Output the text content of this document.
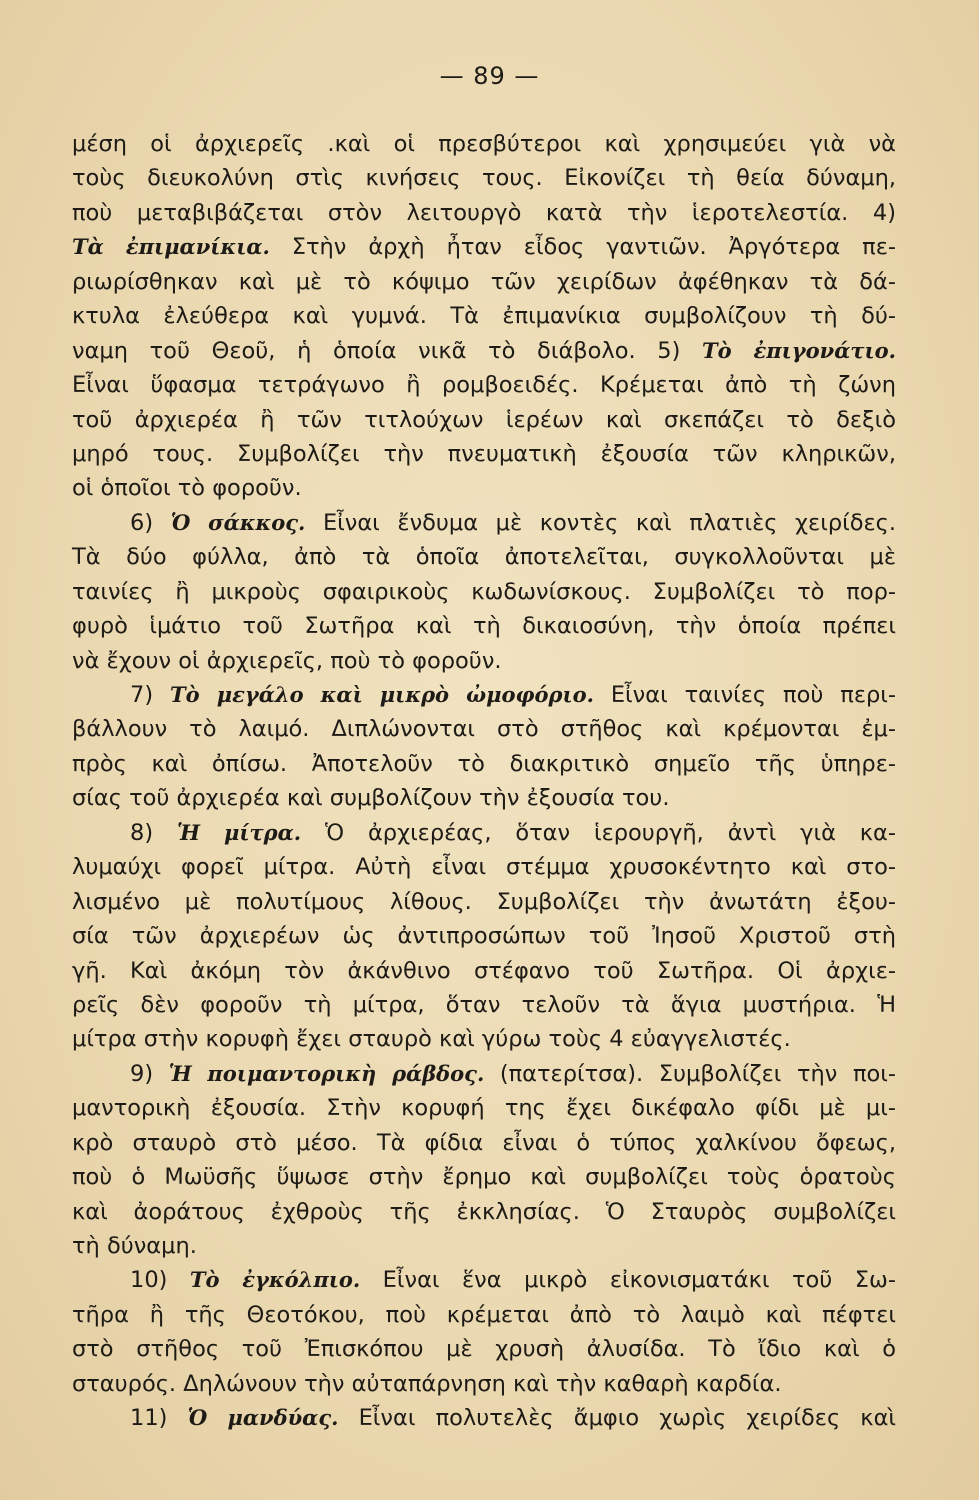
— 89 —
μέση οἱ ἀρχιερεῖς .καὶ οἱ πρεσβύτεροι καὶ χρησιμεύει γιὰ νὰ
τοὺς διευκολύνη στὶς κινήσεις τους. Εἰκονίζει τὴ θεία δύναμη,
ποὺ μεταβιβάζεται στὸν λειτουργὸ κατὰ τὴν ἱεροτελεστία. 4)
Τὰ ἐπιμανίκια. Στὴν ἀρχὴ ἦταν εἶδος γαντιῶν. Ἀργότερα πε-
ριωρίσθηκαν καὶ μὲ τὸ κόψιμο τῶν χειρίδων ἀφέθηκαν τὰ δά-
κτυλα ἐλεύθερα καὶ γυμνά. Τὰ ἐπιμανίκια συμβολίζουν τὴ δύ-
ναμη τοῦ Θεοῦ, ἡ ὁποία νικᾶ τὸ διάβολο. 5) Τὸ ἐπιγονάτιο.
Εἶναι ὕφασμα τετράγωνο ἢ ρομβοειδές. Κρέμεται ἀπὸ τὴ ζώνη
τοῦ ἀρχιερέα ἢ τῶν τιτλούχων ἱερέων καὶ σκεπάζει τὸ δεξιὸ
μηρό τους. Συμβολίζει τὴν πνευματικὴ ἐξουσία τῶν κληρικῶν,
οἱ ὁποῖοι τὸ φοροῦν.
6) Ὁ σάκκος. Εἶναι ἔνδυμα μὲ κοντὲς καὶ πλατιὲς χειρίδες.
Τὰ δύο φύλλα, ἀπὸ τὰ ὁποῖα ἀποτελεῖται, συγκολλοῦνται μὲ
ταινίες ἢ μικροὺς σφαιρικοὺς κωδωνίσκους. Συμβολίζει τὸ πορ-
φυρὸ ἱμάτιο τοῦ Σωτῆρα καὶ τὴ δικαιοσύνη, τὴν ὁποία πρέπει
νὰ ἔχουν οἱ ἀρχιερεῖς, ποὺ τὸ φοροῦν.
7) Τὸ μεγάλο καὶ μικρὸ ὠμοφόριο. Εἶναι ταινίες ποὺ περι-
βάλλουν τὸ λαιμό. Διπλώνονται στὸ στῆθος καὶ κρέμονται ἐμ-
πρὸς καὶ ὀπίσω. Ἀποτελοῦν τὸ διακριτικὸ σημεῖο τῆς ὑπηρε-
σίας τοῦ ἀρχιερέα καὶ συμβολίζουν τὴν ἐξουσία του.
8) Ἡ μίτρα. Ὁ ἀρχιερέας, ὅταν ἱερουργῆ, ἀντὶ γιὰ κα-
λυμαύχι φορεῖ μίτρα. Αὐτὴ εἶναι στέμμα χρυσοκέντητο καὶ στο-
λισμένο μὲ πολυτίμους λίθους. Συμβολίζει τὴν ἀνωτάτη ἐξου-
σία τῶν ἀρχιερέων ὡς ἀντιπροσώπων τοῦ Ἰησοῦ Χριστοῦ στὴ
γῆ. Καὶ ἀκόμη τὸν ἀκάνθινο στέφανο τοῦ Σωτῆρα. Οἱ ἀρχιε-
ρεῖς δὲν φοροῦν τὴ μίτρα, ὅταν τελοῦν τὰ ἅγια μυστήρια. Ἡ
μίτρα στὴν κορυφὴ ἔχει σταυρὸ καὶ γύρω τοὺς 4 εὐαγγελιστές.
9) Ἡ ποιμαντορικὴ ράβδος. (πατερίτσα). Συμβολίζει τὴν ποι-
μαντορικὴ ἐξουσία. Στὴν κορυφή της ἔχει δικέφαλο φίδι μὲ μι-
κρὸ σταυρὸ στὸ μέσο. Τὰ φίδια εἶναι ὁ τύπος χαλκίνου ὄφεως,
ποὺ ὁ Μωϋσῆς ὕψωσε στὴν ἔρημο καὶ συμβολίζει τοὺς ὁρατοὺς
καὶ ἀοράτους ἐχθροὺς τῆς ἐκκλησίας. Ὁ Σταυρὸς συμβολίζει
τὴ δύναμη.
10) Τὸ ἐγκόλπιο. Εἶναι ἕνα μικρὸ εἰκονισματάκι τοῦ Σω-
τῆρα ἢ τῆς Θεοτόκου, ποὺ κρέμεται ἀπὸ τὸ λαιμὸ καὶ πέφτει
στὸ στῆθος τοῦ Ἐπισκόπου μὲ χρυσὴ ἀλυσίδα. Τὸ ἴδιο καὶ ὁ
σταυρός. Δηλώνουν τὴν αὐταπάρνηση καὶ τὴν καθαρὴ καρδία.
11) Ὁ μανδύας. Εἶναι πολυτελὲς ἄμφιο χωρὶς χειρίδες καὶ
